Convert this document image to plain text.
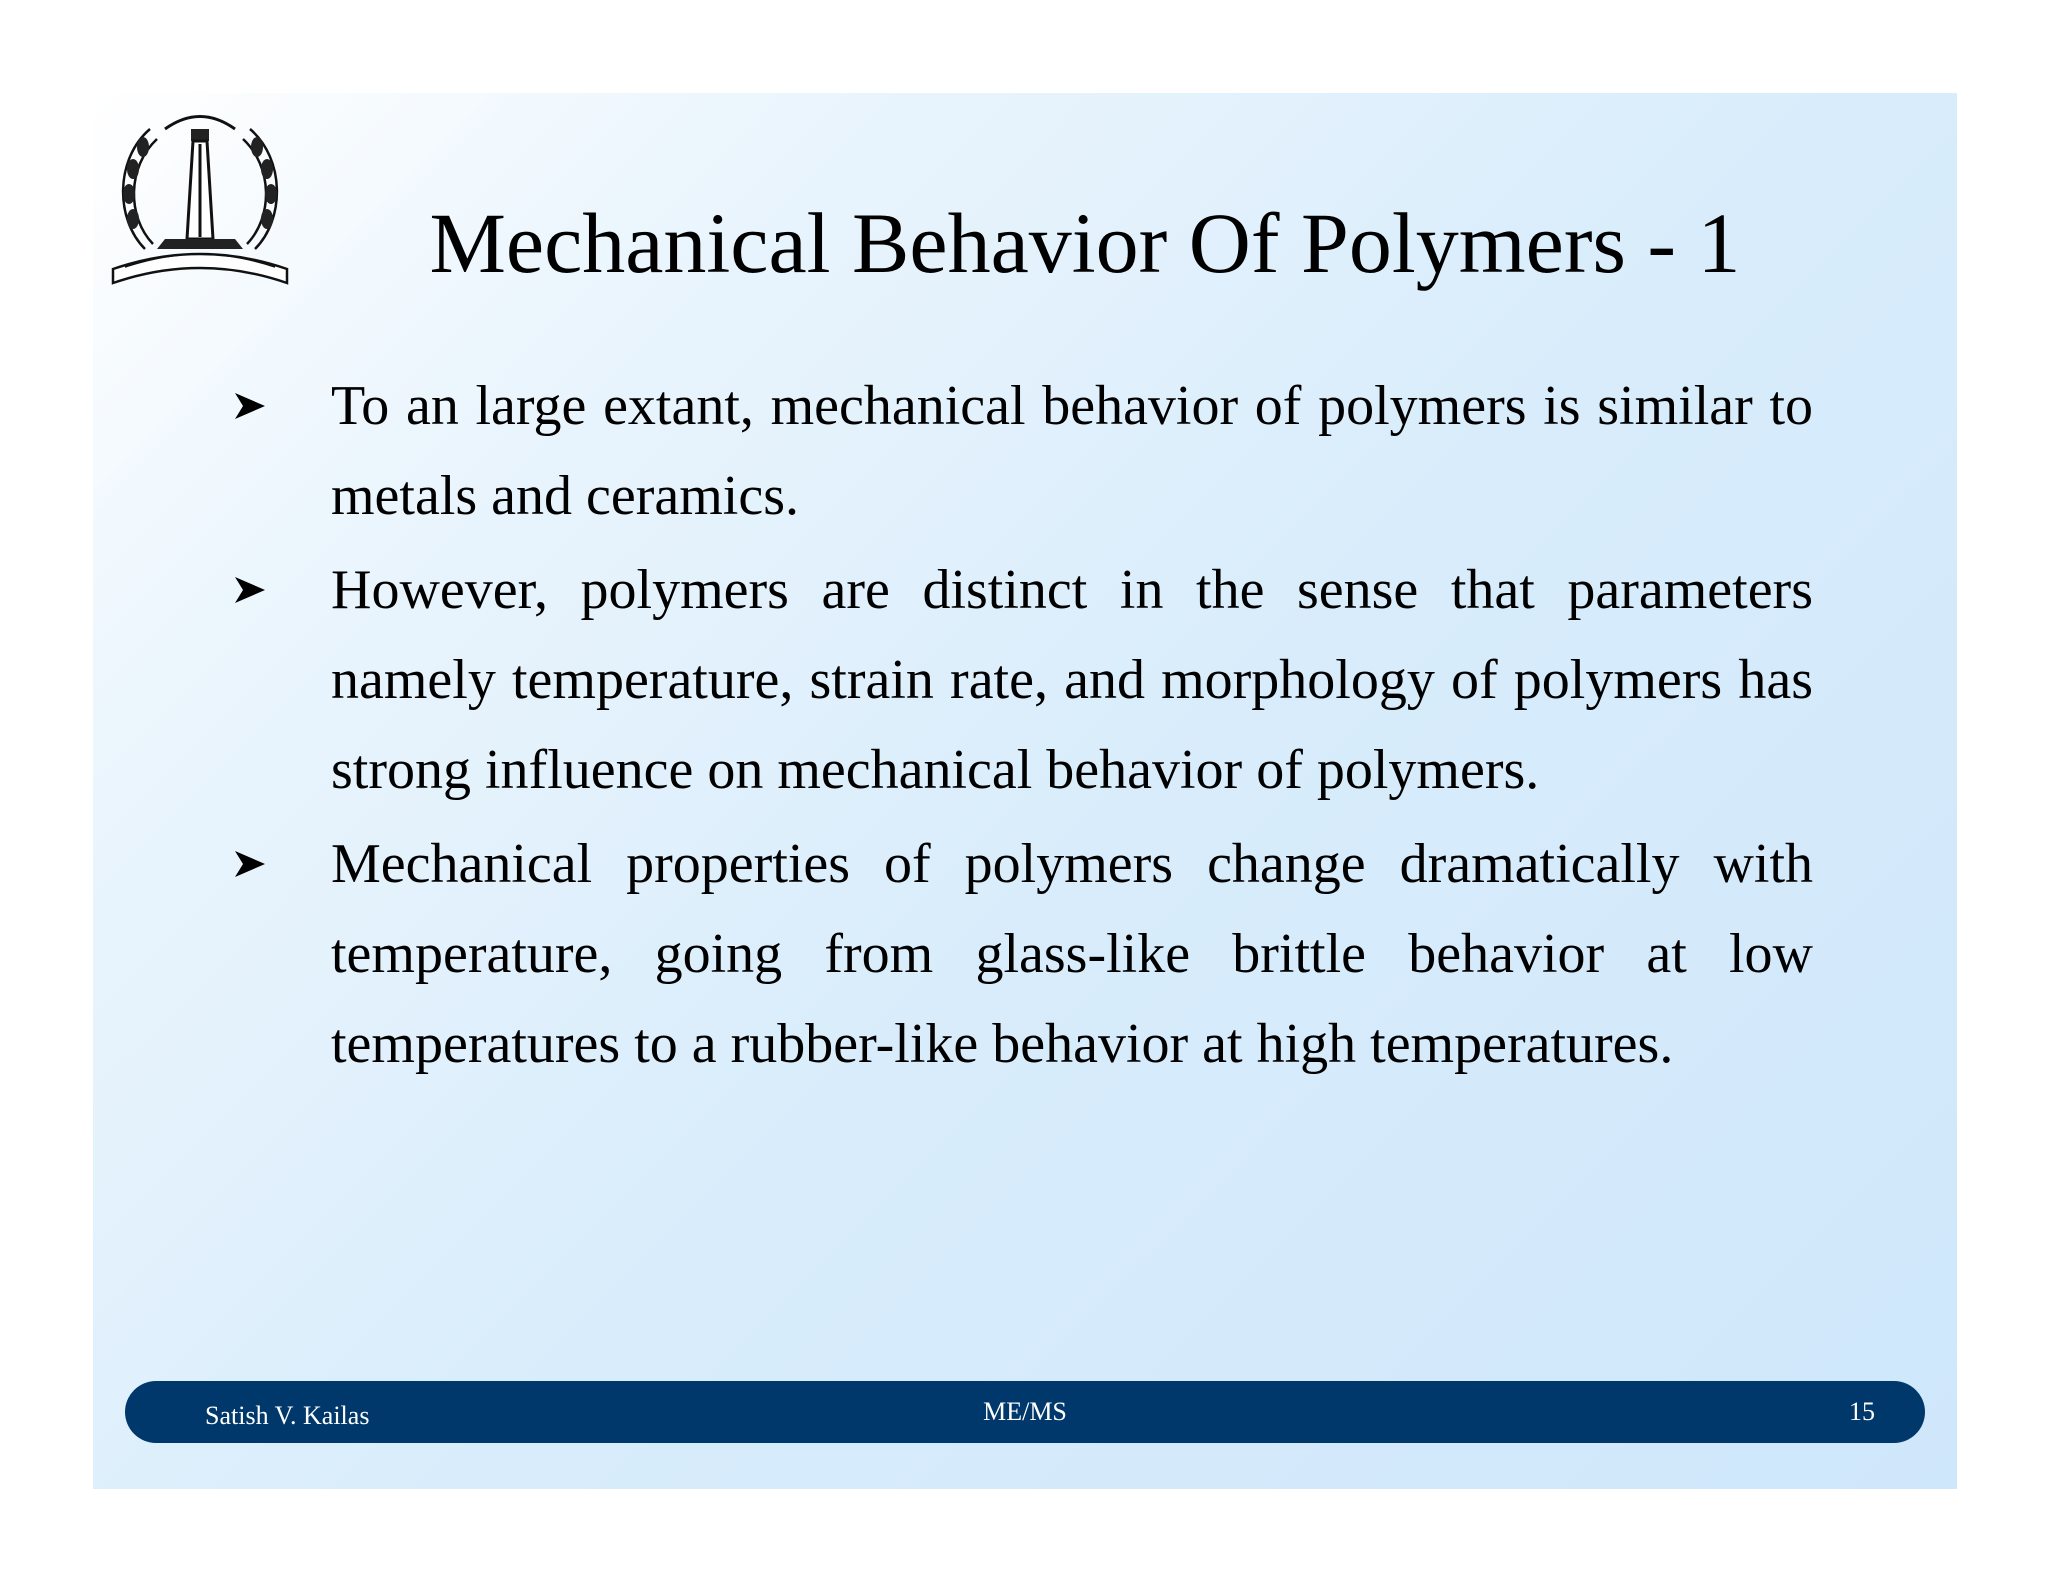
Mechanical Behavior Of Polymers - 1
To an large extant, mechanical behavior of polymers is similar to metals and ceramics.
However, polymers are distinct in the sense that parameters namely temperature, strain rate, and morphology of polymers has strong influence on mechanical behavior of polymers.
Mechanical properties of polymers change dramatically with temperature, going from glass-like brittle behavior at low temperatures to a rubber-like behavior at high temperatures.
Satish V. Kailas	ME/MS	15
